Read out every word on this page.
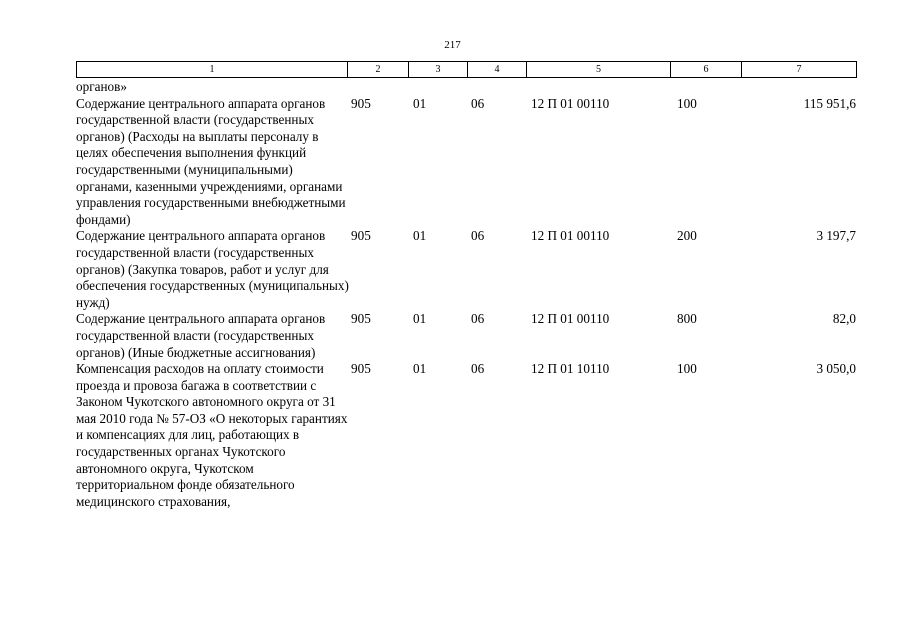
217
1	2	3	4	5	6	7
органов»						
Содержание центрального аппарата органов государственной власти (государственных органов) (Расходы на выплаты персоналу в целях обеспечения выполнения функций государственными (муниципальными) органами, казенными учреждениями, органами управления государственными внебюджетными фондами)	905	01	06	12 П 01 00110	100	115 951,6
Содержание центрального аппарата органов государственной власти (государственных органов) (Закупка товаров, работ и услуг для обеспечения государственных (муниципальных) нужд)	905	01	06	12 П 01 00110	200	3 197,7
Содержание центрального аппарата органов государственной власти (государственных органов) (Иные бюджетные ассигнования)	905	01	06	12 П 01 00110	800	82,0
Компенсация расходов на оплату стоимости проезда и провоза багажа в соответствии с Законом Чукотского автономного округа от 31 мая 2010 года № 57-ОЗ «О некоторых гарантиях и компенсациях для лиц, работающих в государственных органах Чукотского автономного округа, Чукотском территориальном фонде обязательного медицинского страхования,	905	01	06	12 П 01 10110	100	3 050,0
